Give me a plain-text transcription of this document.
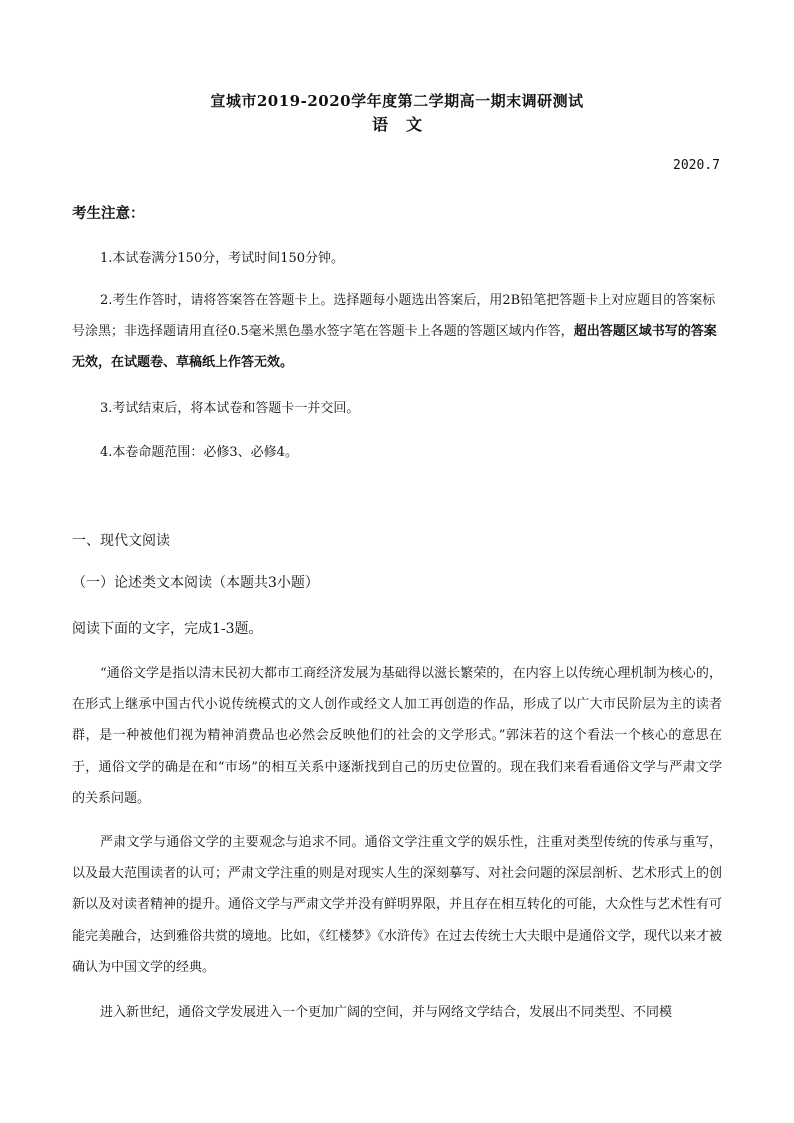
宣城市2019-2020学年度第二学期高一期末调研测试
语文
2020.7
考生注意：

1.本试卷满分150分，考试时间150分钟。

2.考生作答时，请将答案答在答题卡上。选择题每小题选出答案后，用2B铅笔把答题卡上对应题目的答案标号涂黑；非选择题请用直径0.5毫米黑色墨水签字笔在答题卡上各题的答题区域内作答，超出答题区域书写的答案无效，在试题卷、草稿纸上作答无效。

3.考试结束后，将本试卷和答题卡一并交回。

4.本卷命题范围：必修3、必修4。

一、现代文阅读
（一）论述类文本阅读（本题共3小题）
阅读下面的文字，完成1-3题。

“通俗文学是指以清末民初大都市工商经济发展为基础得以滋长繁荣的，在内容上以传统心理机制为核心的，在形式上继承中国古代小说传统模式的文人创作或经文人加工再创造的作品，形成了以广大市民阶层为主的读者群，是一种被他们视为精神消费品也必然会反映他们的社会的文学形式。”郭沫若的这个看法一个核心的意思在于，通俗文学的确是在和“市场”的相互关系中逐渐找到自己的历史位置的。现在我们来看看通俗文学与严肃文学的关系问题。

严肃文学与通俗文学的主要观念与追求不同。通俗文学注重文学的娱乐性，注重对类型传统的传承与重写，以及最大范围读者的认可；严肃文学注重的则是对现实人生的深刻摹写、对社会问题的深层剖析、艺术形式上的创新以及对读者精神的提升。通俗文学与严肃文学并没有鲜明界限，并且存在相互转化的可能，大众性与艺术性有可能完美融合，达到雅俗共赏的境地。比如，《红楼梦》《水浒传》在过去传统士大夫眼中是通俗文学，现代以来才被确认为中国文学的经典。

进入新世纪，通俗文学发展进入一个更加广阔的空间，并与网络文学结合，发展出不同类型、不同模
